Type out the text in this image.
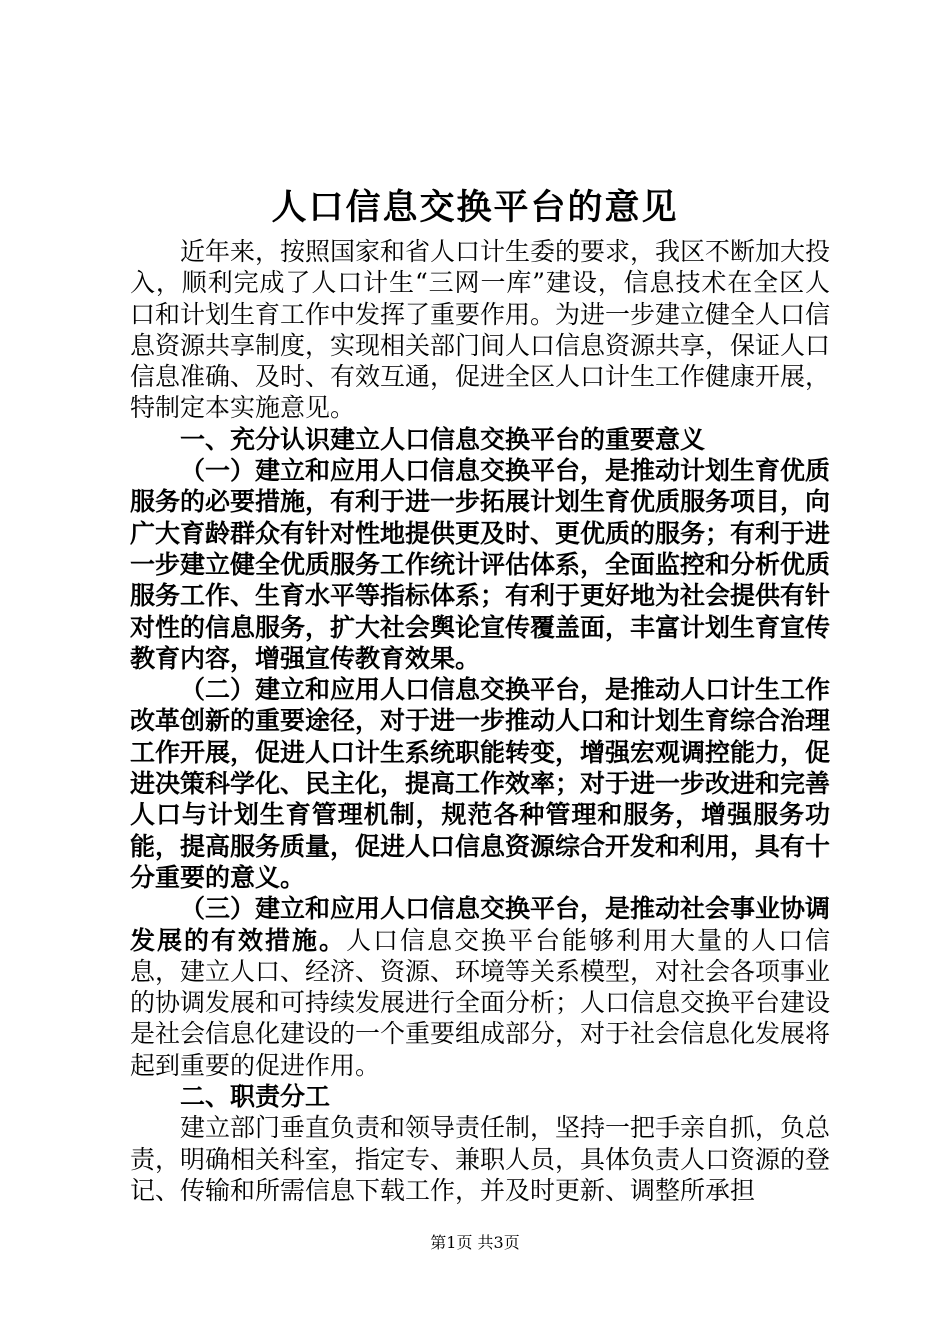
人口信息交换平台的意见

近年来，按照国家和省人口计生委的要求，我区不断加大投入，顺利完成了人口计生“三网一库”建设，信息技术在全区人口和计划生育工作中发挥了重要作用。为进一步建立健全人口信息资源共享制度，实现相关部门间人口信息资源共享，保证人口信息准确、及时、有效互通，促进全区人口计生工作健康开展，特制定本实施意见。

一、充分认识建立人口信息交换平台的重要意义

（一）建立和应用人口信息交换平台，是推动计划生育优质服务的必要措施，有利于进一步拓展计划生育优质服务项目，向广大育龄群众有针对性地提供更及时、更优质的服务；有利于进一步建立健全优质服务工作统计评估体系，全面监控和分析优质服务工作、生育水平等指标体系；有利于更好地为社会提供有针对性的信息服务，扩大社会舆论宣传覆盖面，丰富计划生育宣传教育内容，增强宣传教育效果。

（二）建立和应用人口信息交换平台，是推动人口计生工作改革创新的重要途径，对于进一步推动人口和计划生育综合治理工作开展，促进人口计生系统职能转变，增强宏观调控能力，促进决策科学化、民主化，提高工作效率；对于进一步改进和完善人口与计划生育管理机制，规范各种管理和服务，增强服务功能，提高服务质量，促进人口信息资源综合开发和利用，具有十分重要的意义。

（三）建立和应用人口信息交换平台，是推动社会事业协调发展的有效措施。人口信息交换平台能够利用大量的人口信息，建立人口、经济、资源、环境等关系模型，对社会各项事业的协调发展和可持续发展进行全面分析；人口信息交换平台建设是社会信息化建设的一个重要组成部分，对于社会信息化发展将起到重要的促进作用。

二、职责分工

建立部门垂直负责和领导责任制，坚持一把手亲自抓，负总责，明确相关科室，指定专、兼职人员，具体负责人口资源的登记、传输和所需信息下载工作，并及时更新、调整所承担

第1页 共3页
